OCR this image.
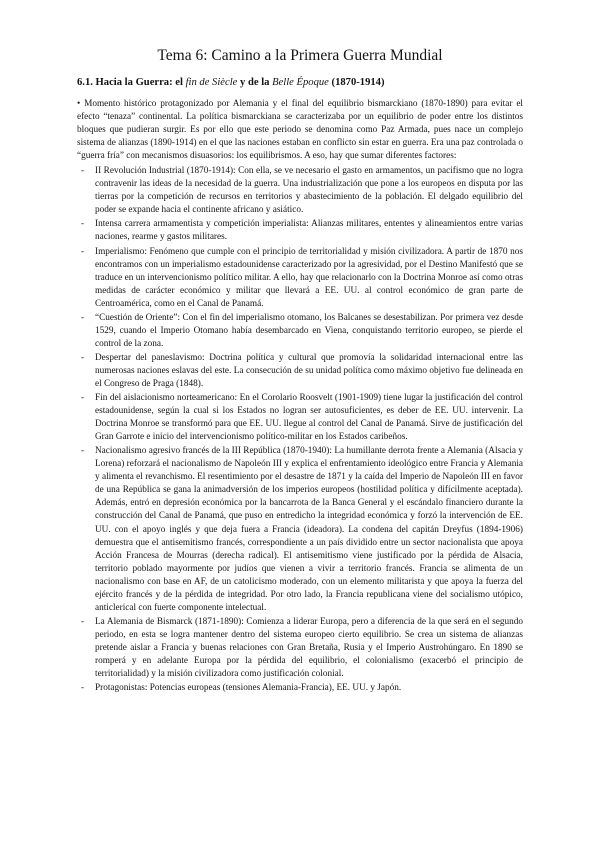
Tema 6: Camino a la Primera Guerra Mundial
6.1. Hacia la Guerra: el fin de Siècle y de la Belle Époque (1870-1914)

• Momento histórico protagonizado por Alemania y el final del equilibrio bismarckiano (1870-1890) para evitar el efecto “tenaza” continental. La política bismarckiana se caracterizaba por un equilibrio de poder entre los distintos bloques que pudieran surgir. Es por ello que este periodo se denomina como Paz Armada, pues nace un complejo sistema de alianzas (1890-1914) en el que las naciones estaban en conflicto sin estar en guerra. Era una paz controlada o “guerra fría” con mecanismos disuasorios: los equilibrismos. A eso, hay que sumar diferentes factores:

- II Revolución Industrial (1870-1914): Con ella, se ve necesario el gasto en armamentos, un pacifismo que no logra contravenir las ideas de la necesidad de la guerra. Una industrialización que pone a los europeos en disputa por las tierras por la competición de recursos en territorios y abastecimiento de la población. El delgado equilibrio del poder se expande hacia el continente africano y asiático.
- Intensa carrera armamentista y competición imperialista: Alianzas militares, ententes y alineamientos entre varias naciones, rearme y gastos militares.
- Imperialismo: Fenómeno que cumple con el principio de territorialidad y misión civilizadora. A partir de 1870 nos encontramos con un imperialismo estadounidense caracterizado por la agresividad, por el Destino Manifestó que se traduce en un intervencionismo político militar. A ello, hay que relacionarlo con la Doctrina Monroe así como otras medidas de carácter económico y militar que llevará a EE. UU. al control económico de gran parte de Centroamérica, como en el Canal de Panamá.
- “Cuestión de Oriente”: Con el fin del imperialismo otomano, los Balcanes se desestabilizan. Por primera vez desde 1529, cuando el Imperio Otomano había desembarcado en Viena, conquistando territorio europeo, se pierde el control de la zona.
- Despertar del paneslavismo: Doctrina política y cultural que promovía la solidaridad internacional entre las numerosas naciones eslavas del este. La consecución de su unidad política como máximo objetivo fue delineada en el Congreso de Praga (1848).
- Fin del aislacionismo norteamericano: En el Corolario Roosvelt (1901-1909) tiene lugar la justificación del control estadounidense, según la cual si los Estados no logran ser autosuficientes, es deber de EE. UU. intervenir. La Doctrina Monroe se transformó para que EE. UU. llegue al control del Canal de Panamá. Sirve de justificación del Gran Garrote e inicio del intervencionismo político-militar en los Estados caribeños.
- Nacionalismo agresivo francés de la III República (1870-1940): La humillante derrota frente a Alemania (Alsacia y Lorena) reforzará el nacionalismo de Napoleón III y explica el enfrentamiento ideológico entre Francia y Alemania y alimenta el revanchismo. El resentimiento por el desastre de 1871 y la caída del Imperio de Napoleón III en favor de una República se gana la animadversión de los imperios europeos (hostilidad política y difícilmente aceptada). Además, entró en depresión económica por la bancarrota de la Banca General y el escándalo financiero durante la construcción del Canal de Panamá, que puso en entredicho la integridad económica y forzó la intervención de EE. UU. con el apoyo inglés y que deja fuera a Francia (ideadora). La condena del capitán Dreyfus (1894-1906) demuestra que el antisemitismo francés, correspondiente a un país dividido entre un sector nacionalista que apoya Acción Francesa de Mourras (derecha radical). El antisemitismo viene justificado por la pérdida de Alsacia, territorio poblado mayormente por judíos que vienen a vivir a territorio francés. Francia se alimenta de un nacionalismo con base en AF, de un catolicismo moderado, con un elemento militarista y que apoya la fuerza del ejército francés y de la pérdida de integridad. Por otro lado, la Francia republicana viene del socialismo utópico, anticlerical con fuerte componente intelectual.
- La Alemania de Bismarck (1871-1890): Comienza a liderar Europa, pero a diferencia de la que será en el segundo periodo, en esta se logra mantener dentro del sistema europeo cierto equilibrio. Se crea un sistema de alianzas pretende aislar a Francia y buenas relaciones con Gran Bretaña, Rusia y el Imperio Austrohúngaro. En 1890 se romperá y en adelante Europa por la pérdida del equilibrio, el colonialismo (exacerbó el principio de territorialidad) y la misión civilizadora como justificación colonial.
- Protagonistas: Potencias europeas (tensiones Alemania-Francia), EE. UU. y Japón.
